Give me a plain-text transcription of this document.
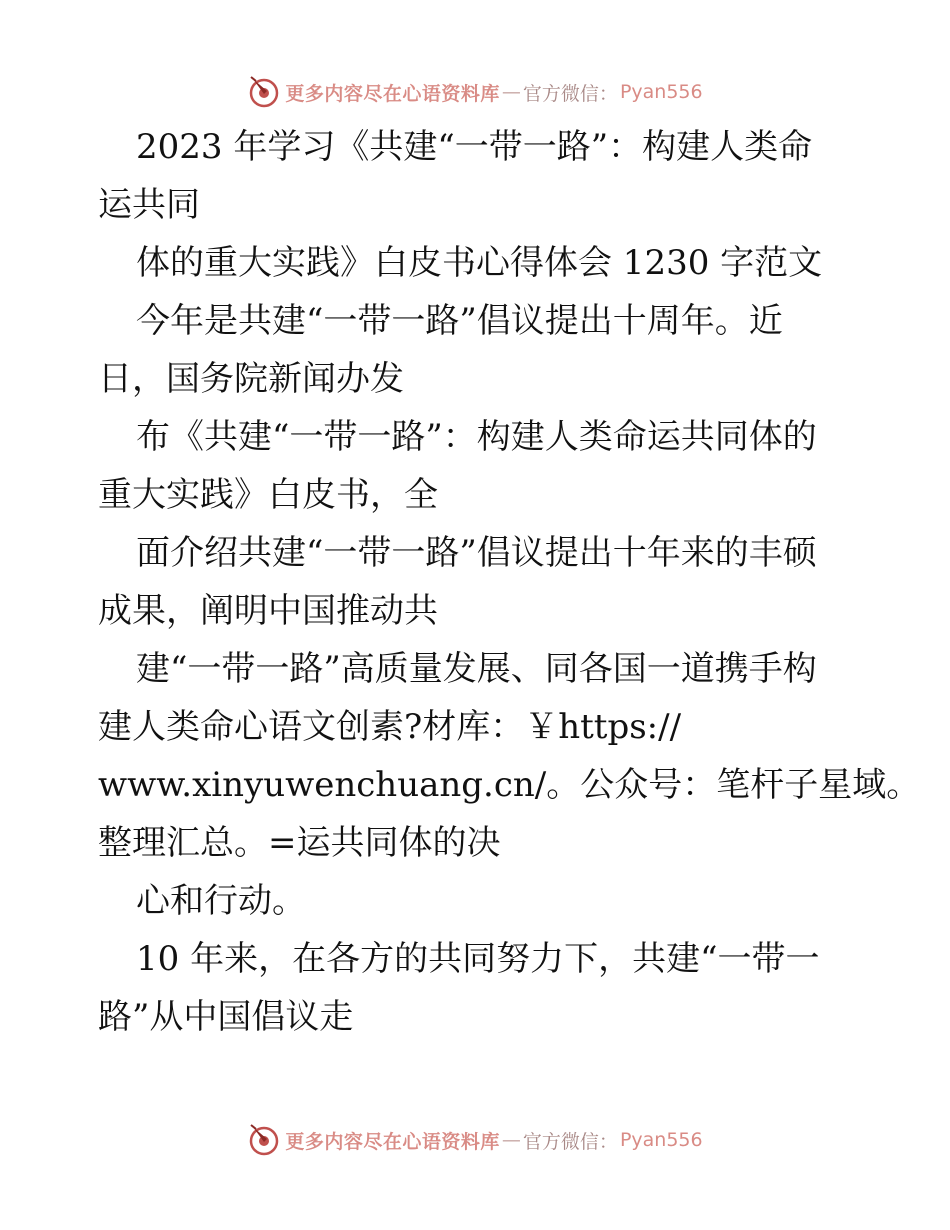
更多内容尽在心语资料库 — 官方微信： Pyan556
2023 年学习《共建“一带一路”：构建人类命
运共同
体的重大实践》白皮书心得体会 1230 字范文
今年是共建“一带一路”倡议提出十周年。近
日，国务院新闻办发
布《共建“一带一路”：构建人类命运共同体的
重大实践》白皮书，全
面介绍共建“一带一路”倡议提出十年来的丰硕
成果，阐明中国推动共
建“一带一路”高质量发展、同各国一道携手构
建人类命心语文创素?材库：￥https://
www.xinyuwenchuang.cn/。公众号：笔杆子星域。
整理汇总。=运共同体的决
心和行动。
10 年来，在各方的共同努力下，共建“一带一
路”从中国倡议走
更多内容尽在心语资料库 — 官方微信： Pyan556
